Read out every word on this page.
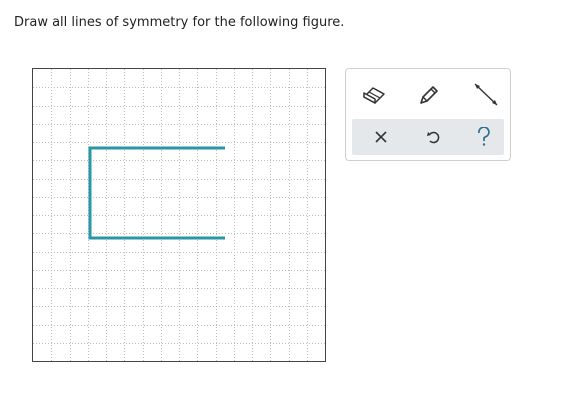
Draw all lines of symmetry for the following figure.
